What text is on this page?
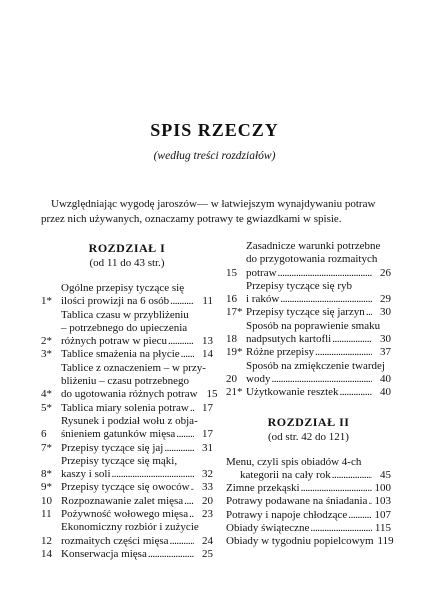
SPIS RZECZY
(według treści rozdziałów)
Uwzględniając wygodę jaroszów— w łatwiejszym wynajdywaniu potraw przez nich używanych, oznaczamy potrawy te gwiazdkami w spisie.
ROZDZIAŁ I
(od 11 do 43 str.)
1*
Ogólne przepisy tyczące się
ilości prowizji na 6 osób . . .	11
2*
Tablica czasu w przybliżeniu
– potrzebnego do upieczenia
różnych potraw w piecu . . .	13
3* Tablice smażenia na płycie . . .	14
4*
Tablice z oznaczeniem – w przy-
bliżeniu – czasu potrzebnego
do ugotowania różnych potraw 15
5* Tablica miary solenia potraw . . .	17
6
Rysunek i podział wołu z obja-
śnieniem gatunków mięsa . . .	17
7* Przepisy tyczące się jaj . . .	31
8*
Przepisy tyczące się mąki,
kaszy i soli . . .	32
9* Przepisy tyczące się owoców . . .	33
10 Rozpoznawanie zalet mięsa . . .	20
11 Pożywność wołowego mięsa . . .	23
12
Ekonomiczny rozbiór i zużycie
rozmaitych części mięsa . . .	24
14 Konserwacja mięsa . . .	25
15
Zasadnicze warunki potrzebne
do przygotowania rozmaitych
potraw . . .	26
16
Przepisy tyczące się ryb
i raków . . .	29
17* Przepisy tyczące się jarzyn . . .	30
18
Sposób na poprawienie smaku
nadpsutych kartofli . . .	30
19* Różne przepisy . . .	37
20
Sposób na zmiękczenie twardej
wody . . .	40
21* Użytkowanie resztek . . .	40
ROZDZIAŁ II
(od str. 42 do 121)
Menu, czyli spis obiadów 4-ch
kategorii na cały rok . . .	45
Zimne przekąski . . .	100
Potrawy podawane na śniadania . . . 103
Potrawy i napoje chłodzące . . . 107
Obiady świąteczne . . .	115
Obiady w tygodniu popielcowym 119
